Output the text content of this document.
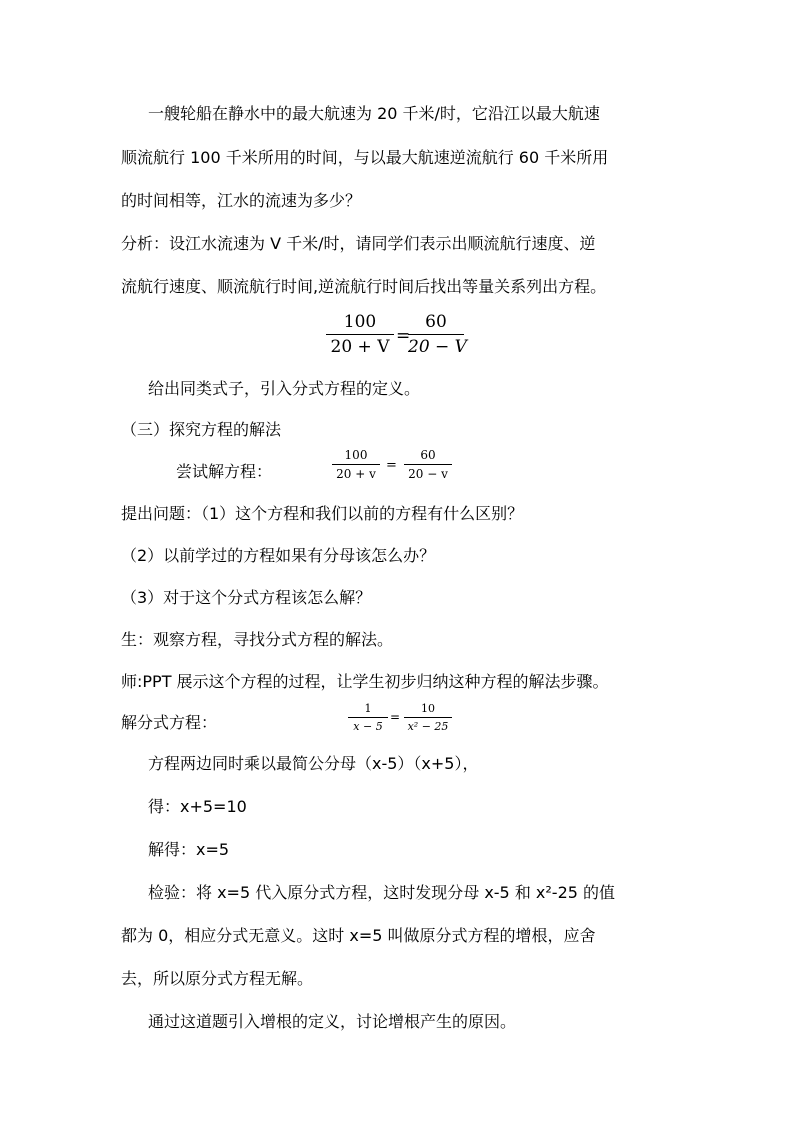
一艘轮船在静水中的最大航速为 20 千米/时，它沿江以最大航速
顺流航行 100 千米所用的时间，与以最大航速逆流航行 60 千米所用
的时间相等，江水的流速为多少？
分析：设江水流速为 V 千米/时，请同学们表示出顺流航行速度、逆
流航行速度、顺流航行时间,逆流航行时间后找出等量关系列出方程。
100
20 + V
=
60
20 − V
给出同类式子，引入分式方程的定义。
（三）探究方程的解法
尝试解方程：
100
20 + v
=
60
20 − v
提出问题：（1）这个方程和我们以前的方程有什么区别？
（2）以前学过的方程如果有分母该怎么办？
（3）对于这个分式方程该怎么解？
生：观察方程，寻找分式方程的解法。
师:PPT 展示这个方程的过程，让学生初步归纳这种方程的解法步骤。
解分式方程：
1
x − 5
=
10
x² − 25
方程两边同时乘以最简公分母（x-5）（x+5），
得：x+5=10
解得：x=5
检验：将 x=5 代入原分式方程，这时发现分母 x-5 和 x²-25 的值
都为 0，相应分式无意义。这时 x=5 叫做原分式方程的增根，应舍
去，所以原分式方程无解。
通过这道题引入增根的定义，讨论增根产生的原因。
